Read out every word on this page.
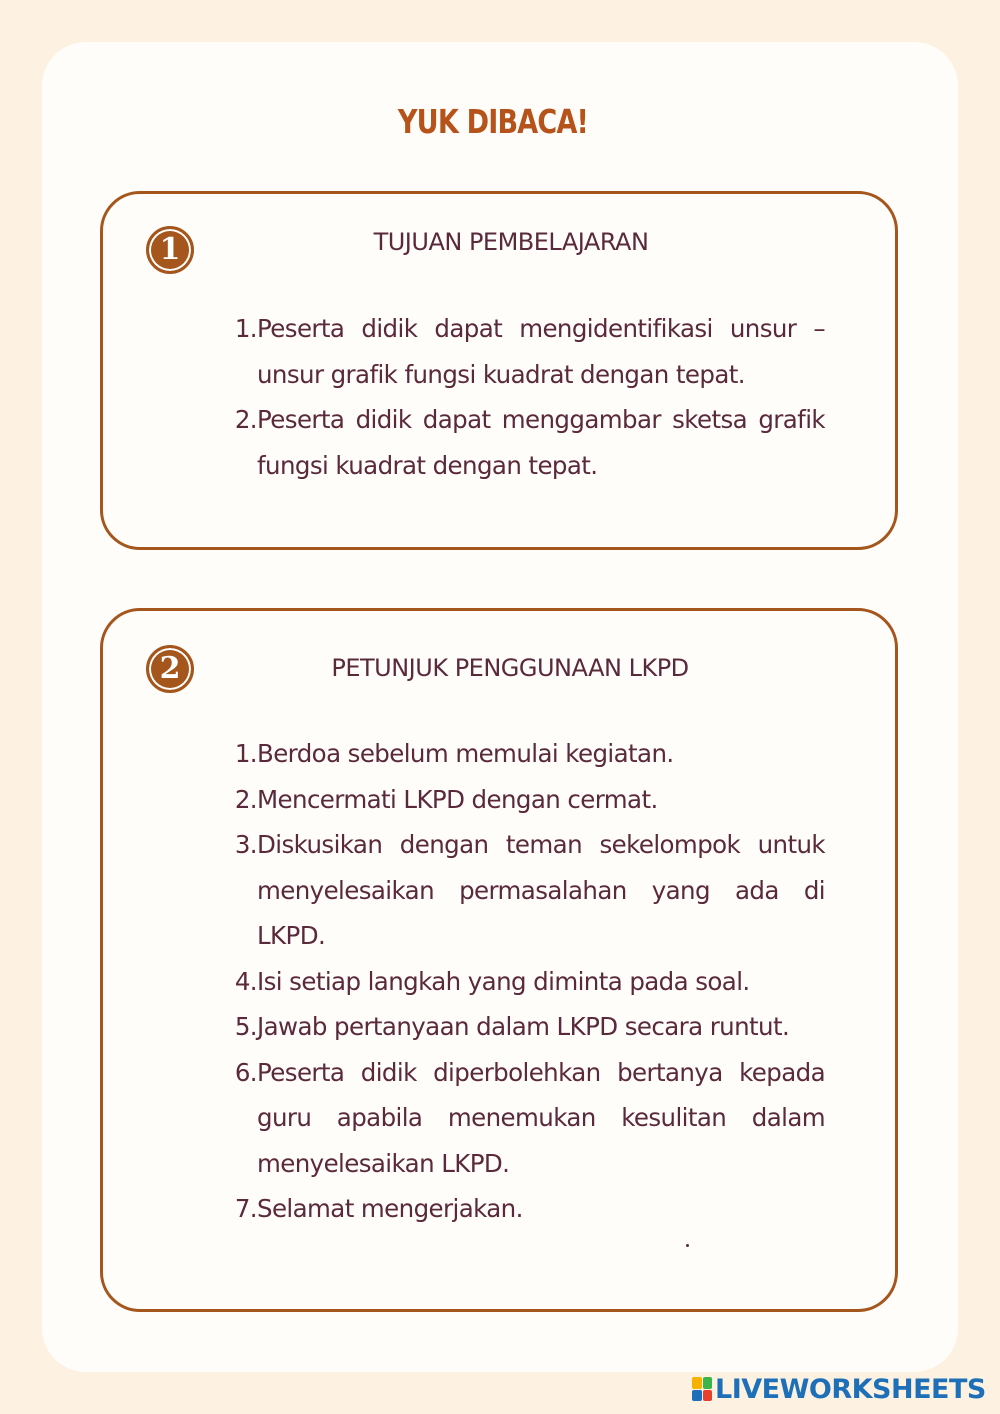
YUK DIBACA!
1	TUJUAN PEMBELAJARAN
1. Peserta didik dapat mengidentifikasi unsur – unsur grafik fungsi kuadrat dengan tepat.
2. Peserta didik dapat menggambar sketsa grafik fungsi kuadrat dengan tepat.
2	PETUNJUK PENGGUNAAN LKPD
1. Berdoa sebelum memulai kegiatan.
2. Mencermati LKPD dengan cermat.
3. Diskusikan dengan teman sekelompok untuk menyelesaikan permasalahan yang ada di LKPD.
4. Isi setiap langkah yang diminta pada soal.
5. Jawab pertanyaan dalam LKPD secara runtut.
6. Peserta didik diperbolehkan bertanya kepada guru apabila menemukan kesulitan dalam menyelesaikan LKPD.
7. Selamat mengerjakan.
LIVEWORKSHEETS
